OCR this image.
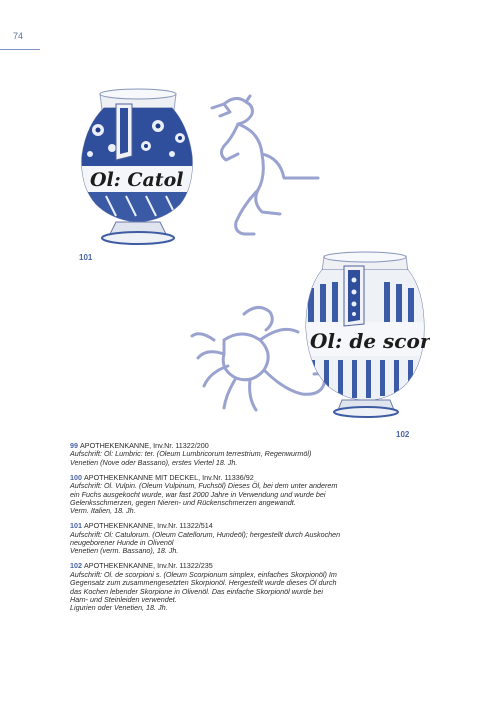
74
Ol: Catol
101
Ol: de scor
102
99 APOTHEKENKANNE, Inv.Nr. 11322/200
Aufschrift: Ol: Lumbric: ter. (Oleum Lumbricorum terrestrium, Regenwurmöl)
Venetien (Nove oder Bassano), erstes Viertel 18. Jh.
100 APOTHEKENKANNE MIT DECKEL, Inv.Nr. 11336/92
Aufschrift: Ol. Vulpin. (Oleum Vulpinum, Fuchsöl) Dieses Öl, bei dem unter anderem
ein Fuchs ausgekocht wurde, war fast 2000 Jahre in Verwendung und wurde bei
Gelenksschmerzen, gegen Nieren- und Rückenschmerzen angewandt.
Verm. Italien, 18. Jh.
101 APOTHEKENKANNE, Inv.Nr. 11322/514
Aufschrift: Ol: Catulorum. (Oleum Catellorum, Hundeöl); hergestellt durch Auskochen
neugeborener Hunde in Olivenöl
Venetien (verm. Bassano), 18. Jh.
102 APOTHEKENKANNE, Inv.Nr. 11322/235
Aufschrift: Ol. de scorpioni s. (Oleum Scorpionum simplex, einfaches Skorpionöl) Im
Gegensatz zum zusammengesetzten Skorpionöl. Hergestellt wurde dieses Öl durch
das Kochen lebender Skorpione in Olivenöl. Das einfache Skorpionöl wurde bei
Harn- und Steinleiden verwendet.
Ligurien oder Venetien, 18. Jh.
